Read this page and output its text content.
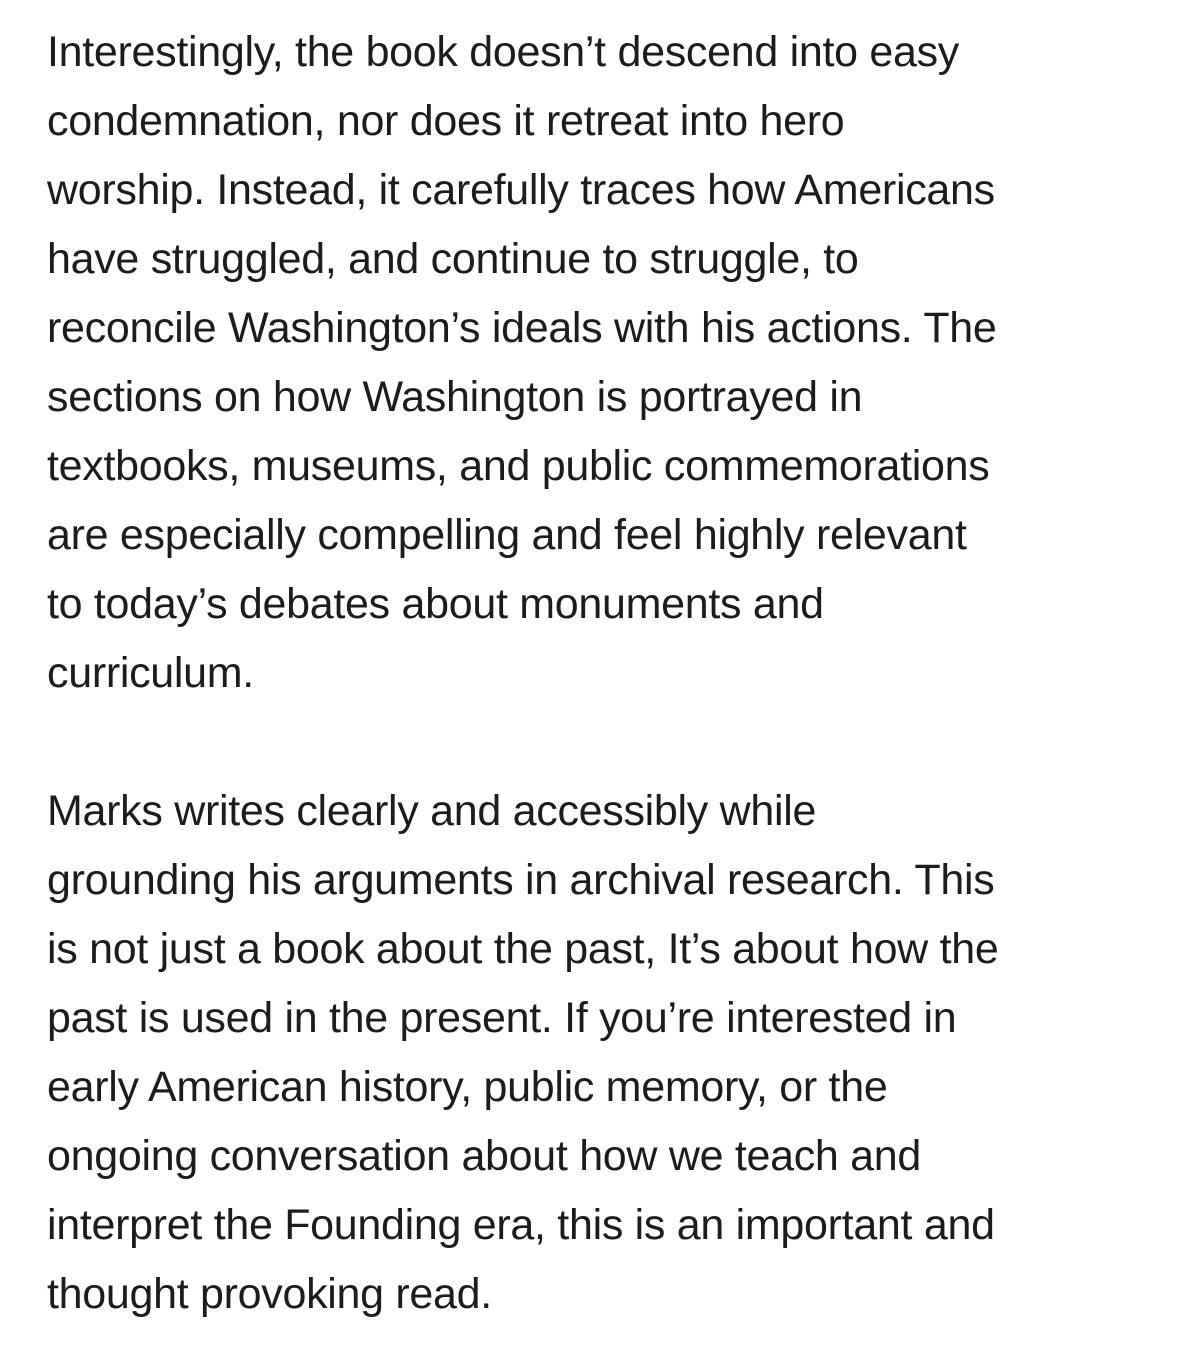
Interestingly, the book doesn’t descend into easy
condemnation, nor does it retreat into hero
worship. Instead, it carefully traces how Americans
have struggled, and continue to struggle, to
reconcile Washington’s ideals with his actions. The
sections on how Washington is portrayed in
textbooks, museums, and public commemorations
are especially compelling and feel highly relevant
to today’s debates about monuments and
curriculum.

Marks writes clearly and accessibly while
grounding his arguments in archival research. This
is not just a book about the past, It’s about how the
past is used in the present. If you’re interested in
early American history, public memory, or the
ongoing conversation about how we teach and
interpret the Founding era, this is an important and
thought provoking read.
